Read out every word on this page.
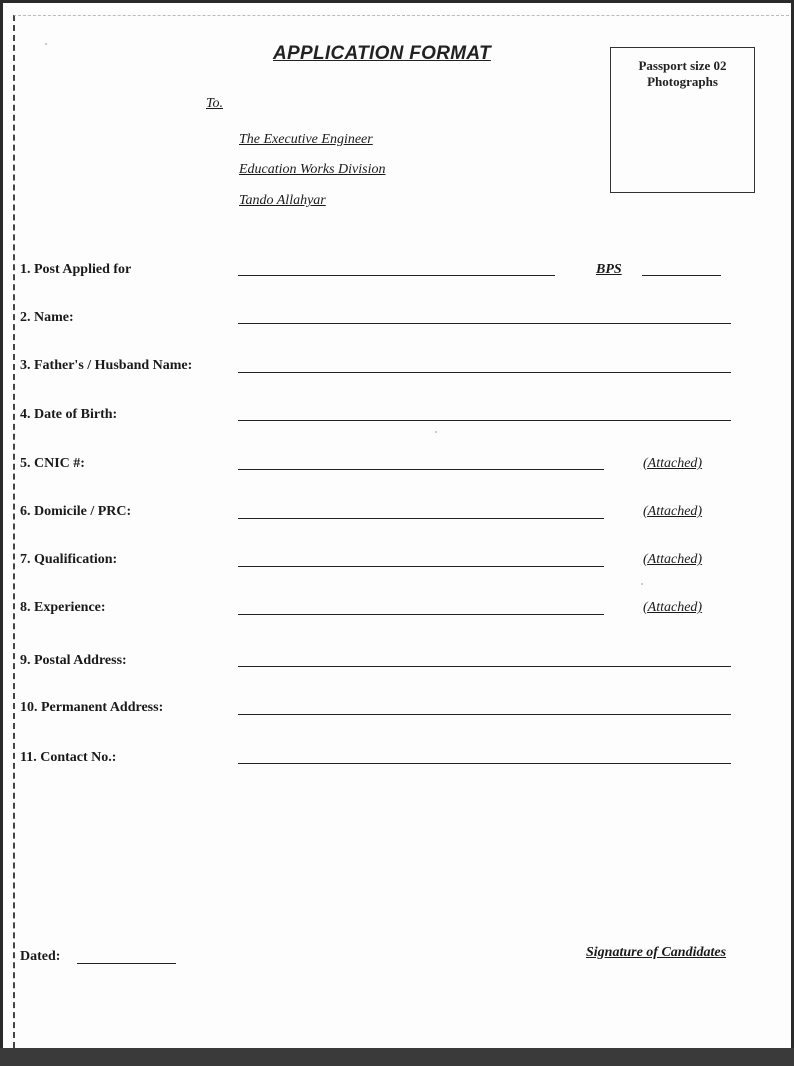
APPLICATION FORMAT
Passport size 02
Photographs
To.
The Executive Engineer
Education Works Division
Tando Allahyar
1. Post Applied for	BPS
2. Name:
3. Father's / Husband Name:
4. Date of Birth:
5. CNIC #:	(Attached)
6. Domicile / PRC:	(Attached)
7. Qualification:	(Attached)
8. Experience:	(Attached)
9. Postal Address:
10. Permanent Address:
11. Contact No.:
Dated:	Signature of Candidates
